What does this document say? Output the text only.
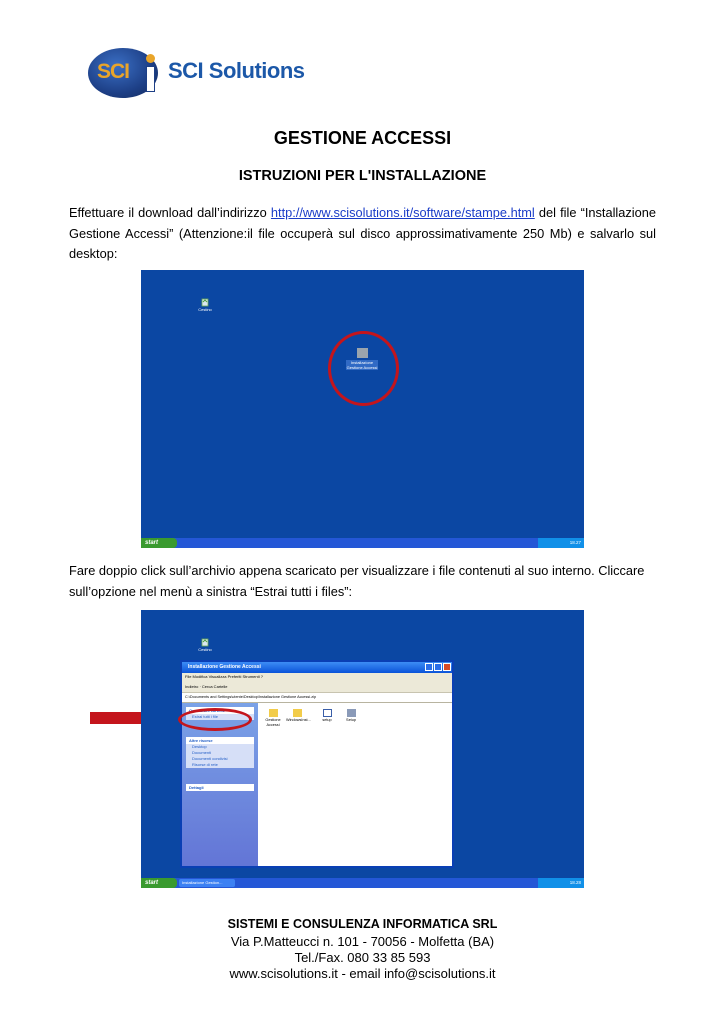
SCI SCI Solutions
GESTIONE ACCESSI
ISTRUZIONI PER L'INSTALLAZIONE
Effettuare il download dall’indirizzo http://www.scisolutions.it/software/stampe.html del file “Installazione Gestione Accessi” (Attenzione:il file occuperà sul disco approssimativamente 250 Mb) e salvarlo sul desktop:
Cestino
Installazione Gestione Accessi
start	18.27
Fare doppio click sull’archivio appena scaricato per visualizzare i file contenuti al suo interno. Cliccare sull’opzione nel menù a sinistra “Estrai tutti i files”:
Cestino
Installazione Gestione Accessi
File Modifica Visualizza Preferiti Strumenti ?
Indietro · Cerca Cartelle
C:\Documents and Settings\utente\Desktop\Installazione Gestione Accessi.zip
Operazioni cartelle
Estrai tutti i file
Altre risorse
Desktop
Documenti
Documenti condivisi
Risorse di rete
Dettagli
Gestione Accessi
WindowsInst...	setup	Setup
start	Installazione Gestion...	18.28
SISTEMI E CONSULENZA INFORMATICA SRL
Via P.Matteucci n. 101 - 70056 - Molfetta (BA)
Tel./Fax. 080 33 85 593
www.scisolutions.it - email info@scisolutions.it
